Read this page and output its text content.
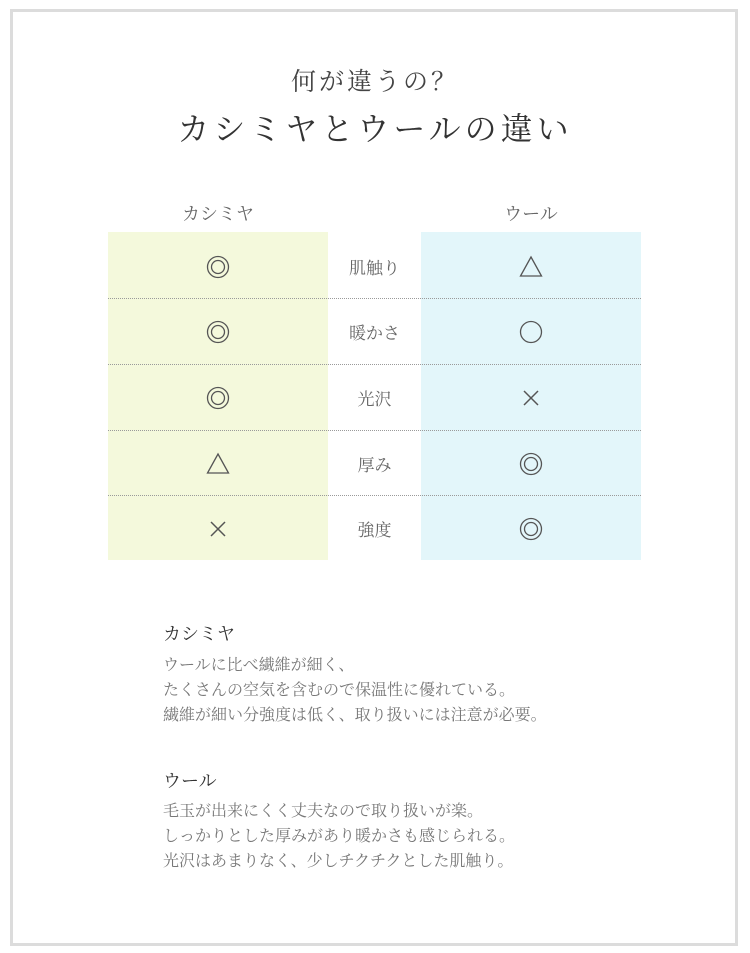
何が違うの？
カシミヤとウールの違い
カシミヤ	ウール
肌触り
暖かさ
光沢
厚み
強度
カシミヤ
ウールに比べ繊維が細く、
たくさんの空気を含むので保温性に優れている。
繊維が細い分強度は低く、取り扱いには注意が必要。
ウール
毛玉が出来にくく丈夫なので取り扱いが楽。
しっかりとした厚みがあり暖かさも感じられる。
光沢はあまりなく、少しチクチクとした肌触り。
